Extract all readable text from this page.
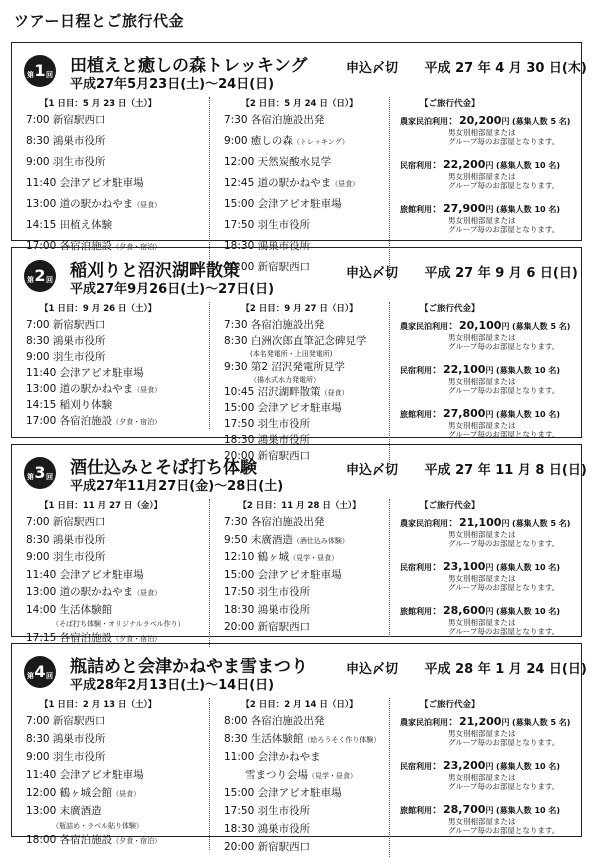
ツアー日程とご旅行代金
第 1 回 田植えと癒しの森トレッキング
平成27年5月23日(土)〜24日(日)
申込〆切 平成 27 年 4 月 30 日(木)
【1 日目：5 月 23 日（土）】
7:00 新宿駅西口
8:30 鴻巣市役所
9:00 羽生市役所
11:40 会津アピオ駐車場
13:00 道の駅かねやま（昼食）
14:15 田植え体験
17:00 各宿泊施設（夕食・宿泊）
【2 日目：5 月 24 日（日）】
7:30 各宿泊施設出発
9:00 癒しの森（トレッキング）
12:00 天然炭酸水見学
12:45 道の駅かねやま（昼食）
15:00 会津アピオ駐車場
17:50 羽生市役所
18:30 鴻巣市役所
20:00 新宿駅西口
【ご旅行代金】
農家民泊利用：20,200円 (募集人数 5 名)
男女別相部屋または
グループ毎のお部屋となります。
民宿利用：22,200円 (募集人数 10 名)
男女別相部屋または
グループ毎のお部屋となります。
旅館利用：27,900円 (募集人数 10 名)
男女別相部屋または
グループ毎のお部屋となります。
第 2 回 稲刈りと沼沢湖畔散策
平成27年9月26日(土)〜27日(日)
申込〆切 平成 27 年 9 月 6 日(日)
【1 日目：9 月 26 日（土）】
7:00 新宿駅西口
8:30 鴻巣市役所
9:00 羽生市役所
11:40 会津アピオ駐車場
13:00 道の駅かねやま（昼食）
14:15 稲刈り体験
17:00 各宿泊施設（夕食・宿泊）
【2 日目：9 月 27 日（日）】
7:30 各宿泊施設出発
8:30 白洲次郎直筆記念碑見学
(本名発電所・上田発電所)
9:30 第2 沼沢発電所見学
（揚水式水力発電所）
10:45 沼沢湖畔散策（昼食）
15:00 会津アピオ駐車場
17:50 羽生市役所
18:30 鴻巣市役所
20:00 新宿駅西口
【ご旅行代金】
農家民泊利用：20,100円 (募集人数 5 名)
男女別相部屋または
グループ毎のお部屋となります。
民宿利用：22,100円 (募集人数 10 名)
男女別相部屋または
グループ毎のお部屋となります。
旅館利用：27,800円 (募集人数 10 名)
男女別相部屋または
グループ毎のお部屋となります。
第 3 回 酒仕込みとそば打ち体験
平成27年11月27日(金)〜28日(土)
申込〆切 平成 27 年 11 月 8 日(日)
【1 日目：11 月 27 日（金）】
7:00 新宿駅西口
8:30 鴻巣市役所
9:00 羽生市役所
11:40 会津アピオ駐車場
13:00 道の駅かねやま（昼食）
14:00 生活体験館
（そば打ち体験・オリジナルラベル作り）
17:15 各宿泊施設（夕食・宿泊）
【2 日目：11 月 28 日（土）】
7:30 各宿泊施設出発
9:50 末廣酒造（酒仕込み体験）
12:10 鶴ヶ城（見学・昼食）
15:00 会津アピオ駐車場
17:50 羽生市役所
18:30 鴻巣市役所
20:00 新宿駅西口
【ご旅行代金】
農家民泊利用：21,100円 (募集人数 5 名)
男女別相部屋または
グループ毎のお部屋となります。
民宿利用：23,100円 (募集人数 10 名)
男女別相部屋または
グループ毎のお部屋となります。
旅館利用：28,600円 (募集人数 10 名)
男女別相部屋または
グループ毎のお部屋となります。
第 4 回 瓶詰めと会津かねやま雪まつり
平成28年2月13日(土)〜14日(日)
申込〆切 平成 28 年 1 月 24 日(日)
【1 日目：2 月 13 日（土）】
7:00 新宿駅西口
8:30 鴻巣市役所
9:00 羽生市役所
11:40 会津アピオ駐車場
12:00 鶴ヶ城会館（昼食）
13:00 末廣酒造
（瓶詰め・ラベル貼り体験）
18:00 各宿泊施設（夕食・宿泊）
【2 日目：2 月 14 日（日）】
8:00 各宿泊施設出発
8:30 生活体験館（絵ろうそく作り体験）
11:00 会津かねやま
　　雪まつり会場（見学・昼食）
15:00 会津アピオ駐車場
17:50 羽生市役所
18:30 鴻巣市役所
20:00 新宿駅西口
【ご旅行代金】
農家民泊利用：21,200円 (募集人数 5 名)
男女別相部屋または
グループ毎のお部屋となります。
民宿利用：23,200円 (募集人数 10 名)
男女別相部屋または
グループ毎のお部屋となります。
旅館利用：28,700円 (募集人数 10 名)
男女別相部屋または
グループ毎のお部屋となります。
